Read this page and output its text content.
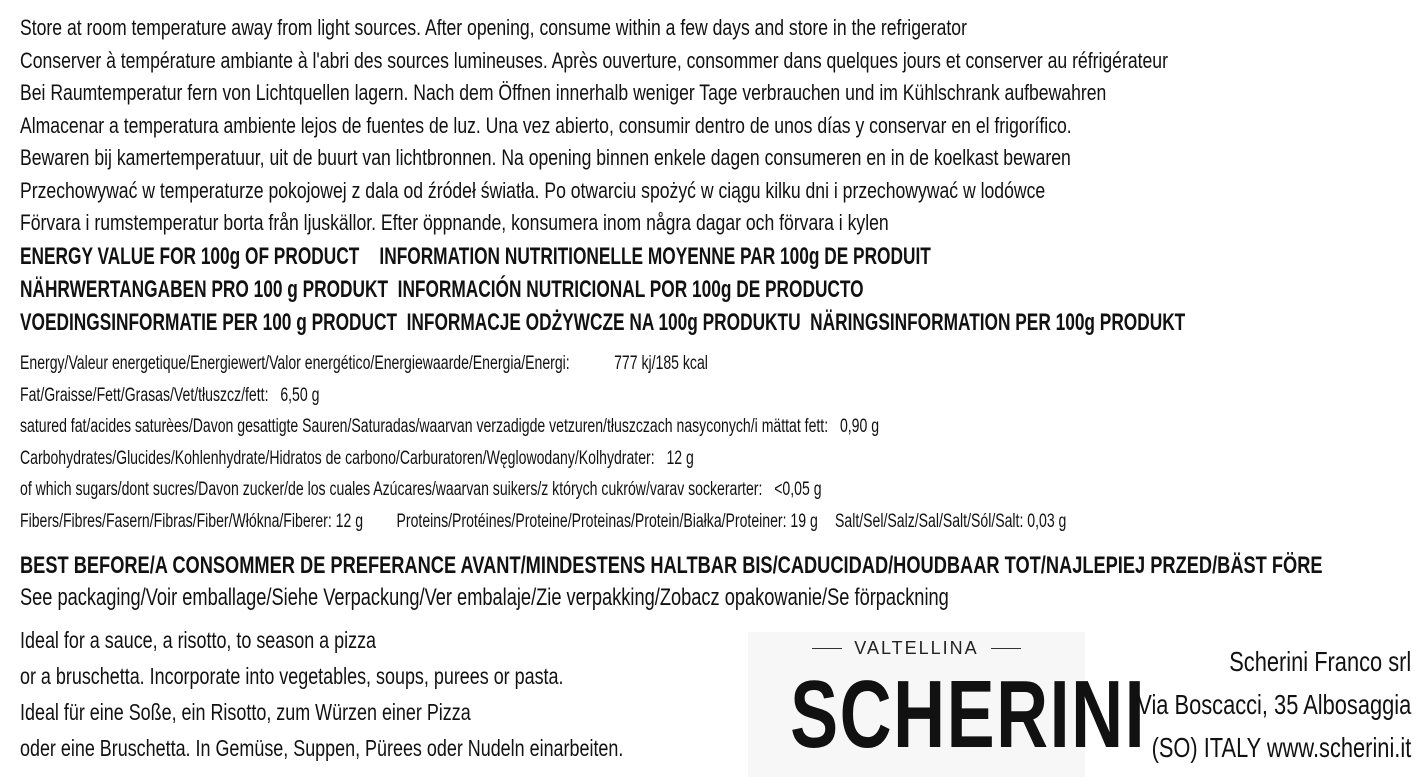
Store at room temperature away from light sources. After opening, consume within a few days and store in the refrigerator
Conserver à température ambiante à l'abri des sources lumineuses. Après ouverture, consommer dans quelques jours et conserver au réfrigérateur
Bei Raumtemperatur fern von Lichtquellen lagern. Nach dem Öffnen innerhalb weniger Tage verbrauchen und im Kühlschrank aufbewahren
Almacenar a temperatura ambiente lejos de fuentes de luz. Una vez abierto, consumir dentro de unos días y conservar en el frigorífico.
Bewaren bij kamertemperatuur, uit de buurt van lichtbronnen. Na opening binnen enkele dagen consumeren en in de koelkast bewaren
Przechowywać w temperaturze pokojowej z dala od źródeł światła. Po otwarciu spożyć w ciągu kilku dni i przechowywać w lodówce
Förvara i rumstemperatur borta från ljuskällor. Efter öppnande, konsumera inom några dagar och förvara i kylen
ENERGY VALUE FOR 100g OF PRODUCT INFORMATION NUTRITIONELLE MOYENNE PAR 100g DE PRODUIT
NÄHRWERTANGABEN PRO 100 g PRODUKT INFORMACIÓN NUTRICIONAL POR 100g DE PRODUCTO
VOEDINGSINFORMATIE PER 100 g PRODUCT INFORMACJE ODŻYWCZE NA 100g PRODUKTU NÄRINGSINFORMATION PER 100g PRODUKT
Energy/Valeur energetique/Energiewert/Valor energético/Energiewaarde/Energia/Energi: 777 kj/185 kcal
Fat/Graisse/Fett/Grasas/Vet/tłuszcz/fett: 6,50 g
satured fat/acides saturèes/Davon gesattigte Sauren/Saturadas/waarvan verzadigde vetzuren/tłuszczach nasyconych/i mättat fett: 0,90 g
Carbohydrates/Glucides/Kohlenhydrate/Hidratos de carbono/Carburatoren/Węglowodany/Kolhydrater: 12 g
of which sugars/dont sucres/Davon zucker/de los cuales Azúcares/waarvan suikers/z których cukrów/varav sockerarter: <0,05 g
Fibers/Fibres/Fasern/Fibras/Fiber/Włókna/Fiberer: 12 g Proteins/Protéines/Proteine/Proteinas/Protein/Białka/Proteiner: 19 g Salt/Sel/Salz/Sal/Salt/Sól/Salt: 0,03 g
BEST BEFORE/A CONSOMMER DE PREFERANCE AVANT/MINDESTENS HALTBAR BIS/CADUCIDAD/HOUDBAAR TOT/NAJLEPIEJ PRZED/BÄST FÖRE
See packaging/Voir emballage/Siehe Verpackung/Ver embalaje/Zie verpakking/Zobacz opakowanie/Se förpackning
Ideal for a sauce, a risotto, to season a pizza
or a bruschetta. Incorporate into vegetables, soups, purees or pasta.
Ideal für eine Soße, ein Risotto, zum Würzen einer Pizza
oder eine Bruschetta. In Gemüse, Suppen, Pürees oder Nudeln einarbeiten.
VALTELLINA
SCHERINI	Scherini Franco srl
Via Boscacci, 35 Albosaggia
(SO) ITALY www.scherini.it
